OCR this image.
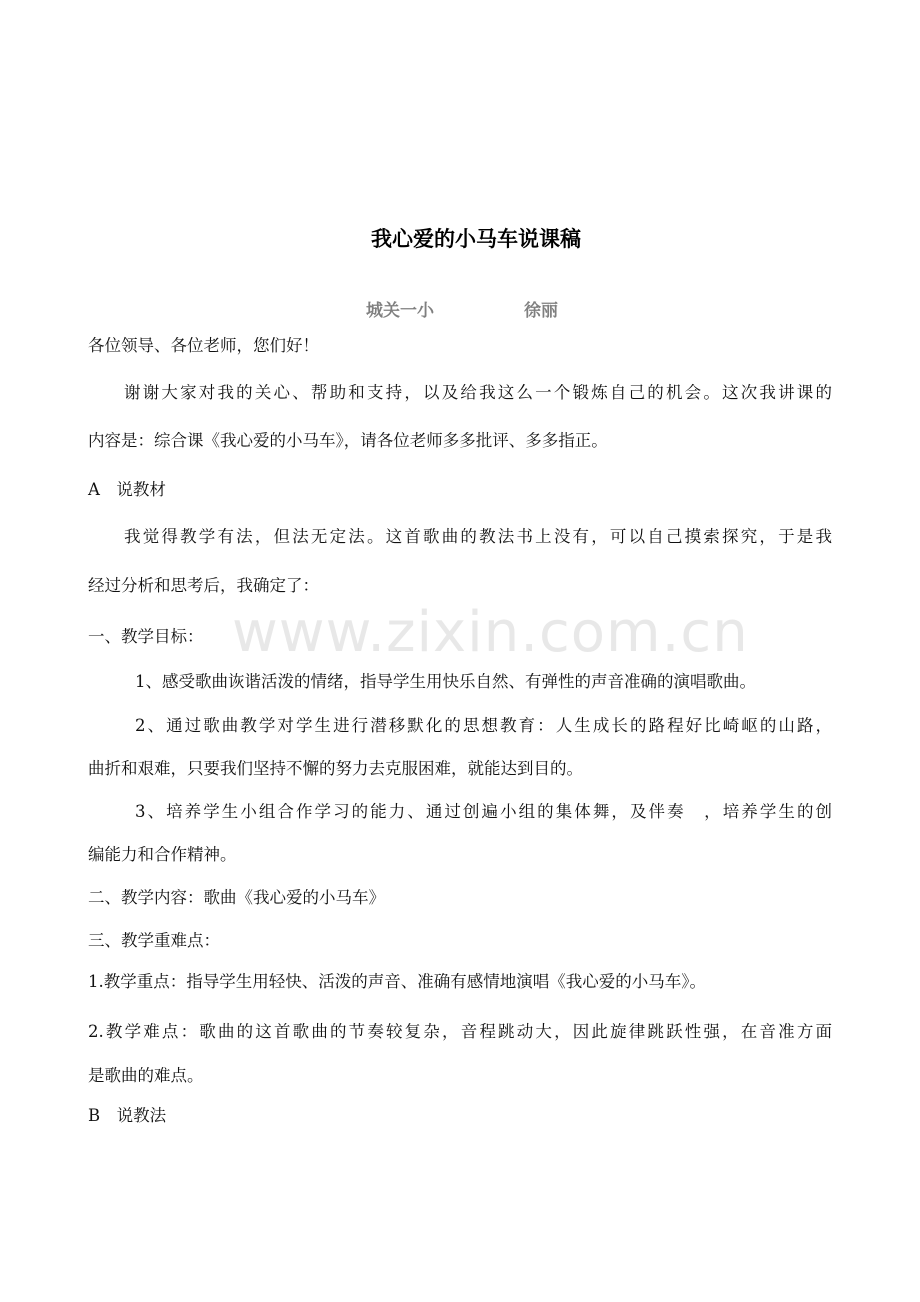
我心爱的小马车说课稿
城关一小	徐丽
www.zixin.com.cn
各位领导、各位老师，您们好！
谢谢大家对我的关心、帮助和支持，以及给我这么一个锻炼自己的机会。这次我讲课的
内容是：综合课《我心爱的小马车》，请各位老师多多批评、多多指正。
A　说教材
我觉得教学有法，但法无定法。这首歌曲的教法书上没有，可以自己摸索探究，于是我
经过分析和思考后，我确定了：
一、教学目标：
1、感受歌曲诙谐活泼的情绪，指导学生用快乐自然、有弹性的声音准确的演唱歌曲。
2、通过歌曲教学对学生进行潜移默化的思想教育：人生成长的路程好比崎岖的山路，
曲折和艰难，只要我们坚持不懈的努力去克服困难，就能达到目的。
3、培养学生小组合作学习的能力、通过创遍小组的集体舞，及伴奏　，培养学生的创
编能力和合作精神。
二、教学内容：歌曲《我心爱的小马车》
三、教学重难点：
1.教学重点：指导学生用轻快、活泼的声音、准确有感情地演唱《我心爱的小马车》。
2.教学难点：歌曲的这首歌曲的节奏较复杂，音程跳动大，因此旋律跳跃性强，在音准方面
是歌曲的难点。
B　说教法
